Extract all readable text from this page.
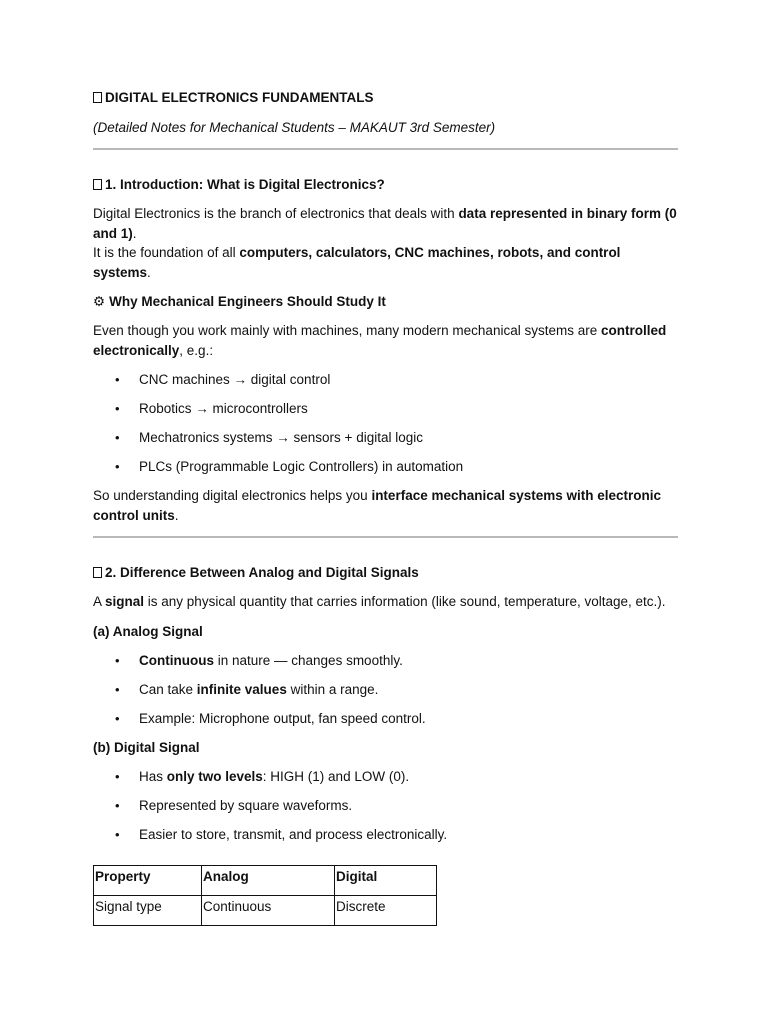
DIGITAL ELECTRONICS FUNDAMENTALS

(Detailed Notes for Mechanical Students – MAKAUT 3rd Semester)

1. Introduction: What is Digital Electronics?

Digital Electronics is the branch of electronics that deals with data represented in binary form (0 and 1).
It is the foundation of all computers, calculators, CNC machines, robots, and control systems.

⚙ Why Mechanical Engineers Should Study It

Even though you work mainly with machines, many modern mechanical systems are controlled electronically, e.g.:

• CNC machines → digital control
• Robotics → microcontrollers
• Mechatronics systems → sensors + digital logic
• PLCs (Programmable Logic Controllers) in automation

So understanding digital electronics helps you interface mechanical systems with electronic control units.

2. Difference Between Analog and Digital Signals

A signal is any physical quantity that carries information (like sound, temperature, voltage, etc.).

(a) Analog Signal

• Continuous in nature — changes smoothly.
• Can take infinite values within a range.
• Example: Microphone output, fan speed control.

(b) Digital Signal

• Has only two levels: HIGH (1) and LOW (0).
• Represented by square waveforms.
• Easier to store, transmit, and process electronically.
Property	Analog	Digital
Signal type	Continuous	Discrete
